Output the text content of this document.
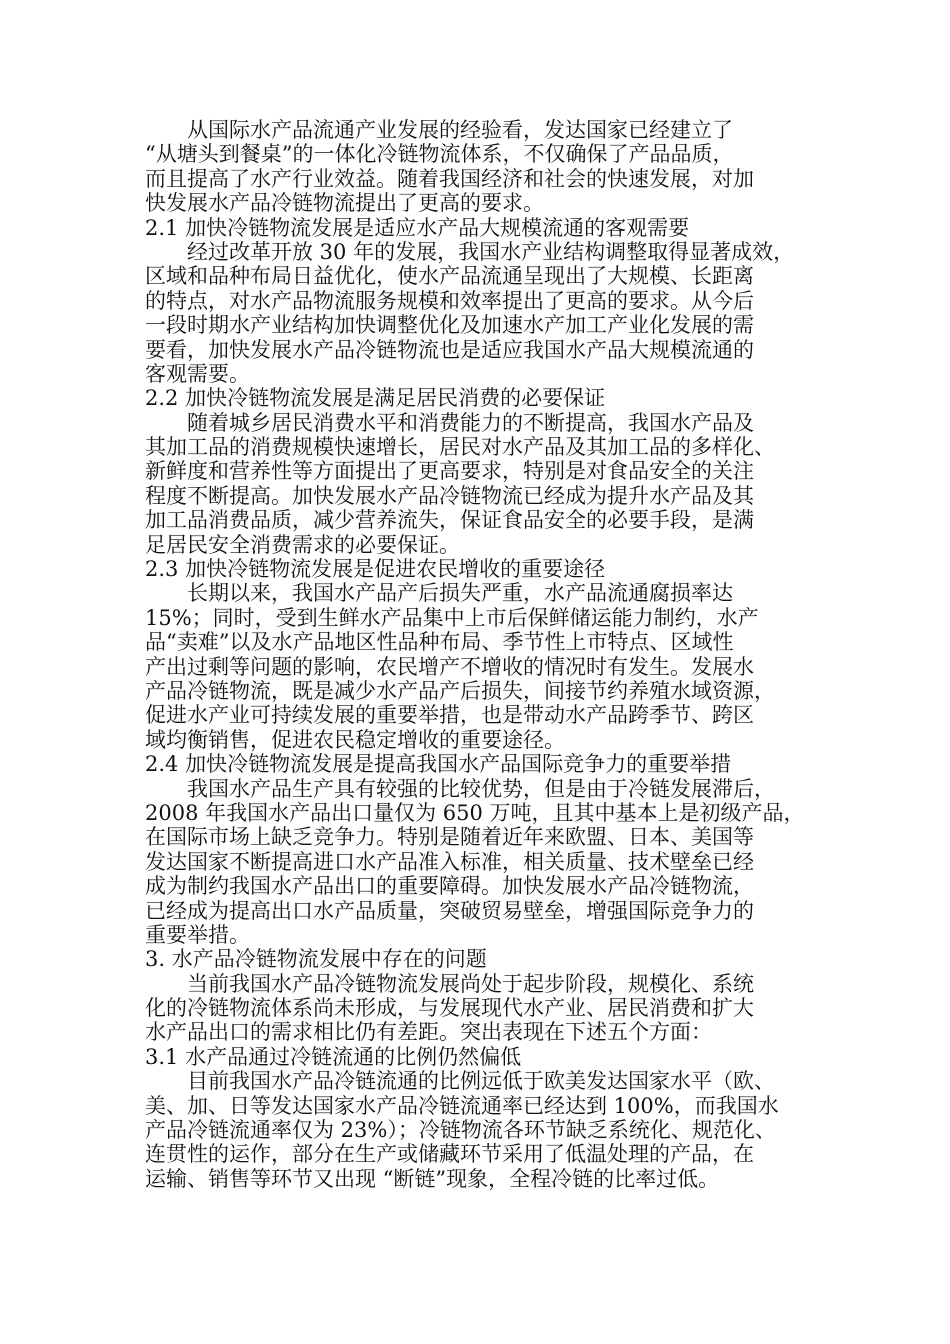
从国际水产品流通产业发展的经验看，发达国家已经建立了
“从塘头到餐桌”的一体化冷链物流体系，不仅确保了产品品质，
而且提高了水产行业效益。随着我国经济和社会的快速发展，对加
快发展水产品冷链物流提出了更高的要求。
2.1 加快冷链物流发展是适应水产品大规模流通的客观需要
经过改革开放 30 年的发展，我国水产业结构调整取得显著成效，
区域和品种布局日益优化，使水产品流通呈现出了大规模、长距离
的特点，对水产品物流服务规模和效率提出了更高的要求。从今后
一段时期水产业结构加快调整优化及加速水产加工产业化发展的需
要看，加快发展水产品冷链物流也是适应我国水产品大规模流通的
客观需要。
2.2 加快冷链物流发展是满足居民消费的必要保证
随着城乡居民消费水平和消费能力的不断提高，我国水产品及
其加工品的消费规模快速增长，居民对水产品及其加工品的多样化、
新鲜度和营养性等方面提出了更高要求，特别是对食品安全的关注
程度不断提高。加快发展水产品冷链物流已经成为提升水产品及其
加工品消费品质，减少营养流失，保证食品安全的必要手段，是满
足居民安全消费需求的必要保证。
2.3 加快冷链物流发展是促进农民增收的重要途径
长期以来，我国水产品产后损失严重，水产品流通腐损率达
15%；同时，受到生鲜水产品集中上市后保鲜储运能力制约，水产
品“卖难”以及水产品地区性品种布局、季节性上市特点、区域性
产出过剩等问题的影响，农民增产不增收的情况时有发生。发展水
产品冷链物流，既是减少水产品产后损失，间接节约养殖水域资源，
促进水产业可持续发展的重要举措，也是带动水产品跨季节、跨区
域均衡销售，促进农民稳定增收的重要途径。
2.4 加快冷链物流发展是提高我国水产品国际竞争力的重要举措
我国水产品生产具有较强的比较优势，但是由于冷链发展滞后，
2008 年我国水产品出口量仅为 650 万吨，且其中基本上是初级产品，
在国际市场上缺乏竞争力。特别是随着近年来欧盟、日本、美国等
发达国家不断提高进口水产品准入标准，相关质量、技术壁垒已经
成为制约我国水产品出口的重要障碍。加快发展水产品冷链物流，
已经成为提高出口水产品质量，突破贸易壁垒，增强国际竞争力的
重要举措。
3. 水产品冷链物流发展中存在的问题
当前我国水产品冷链物流发展尚处于起步阶段，规模化、系统
化的冷链物流体系尚未形成，与发展现代水产业、居民消费和扩大
水产品出口的需求相比仍有差距。突出表现在下述五个方面：
3.1 水产品通过冷链流通的比例仍然偏低
目前我国水产品冷链流通的比例远低于欧美发达国家水平（欧、
美、加、日等发达国家水产品冷链流通率已经达到 100%，而我国水
产品冷链流通率仅为 23%）；冷链物流各环节缺乏系统化、规范化、
连贯性的运作，部分在生产或储藏环节采用了低温处理的产品，在
运输、销售等环节又出现 “断链”现象，全程冷链的比率过低。
